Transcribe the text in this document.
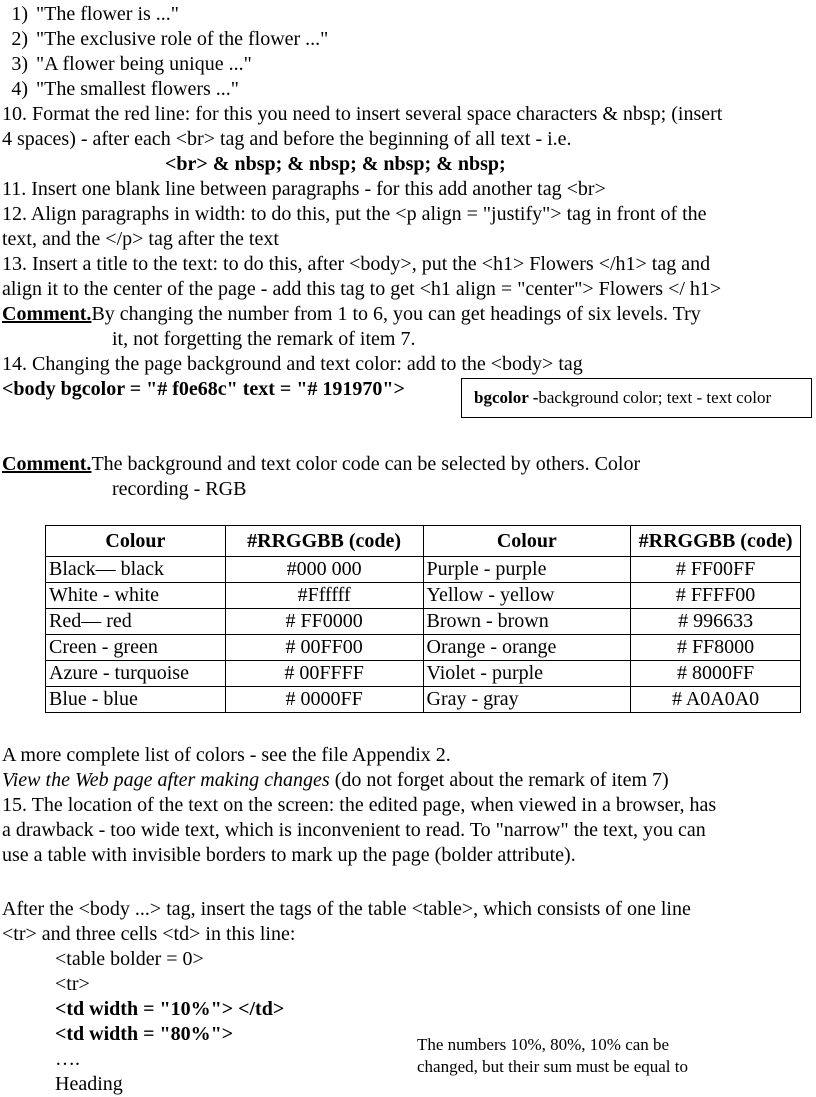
1) "The flower is ..."
2) "The exclusive role of the flower ..."
3) "A flower being unique ..."
4) "The smallest flowers ..."
10. Format the red line: for this you need to insert several space characters & nbsp; (insert
4 spaces) - after each <br> tag and before the beginning of all text - i.e.
<br> & nbsp; & nbsp; & nbsp; & nbsp;
11. Insert one blank line between paragraphs - for this add another tag <br>
12. Align paragraphs in width: to do this, put the <p align = "justify"> tag in front of the
text, and the </p> tag after the text
13. Insert a title to the text: to do this, after <body>, put the <h1> Flowers </h1> tag and
align it to the center of the page - add this tag to get <h1 align = "center"> Flowers </ h1>
Comment.By changing the number from 1 to 6, you can get headings of six levels. Try
it, not forgetting the remark of item 7.
14. Changing the page background and text color: add to the <body> tag
<body bgcolor = "# f0e68c" text = "# 191970">	bgcolor -background color; text - text color
Comment.The background and text color code can be selected by others. Color
recording - RGB
Colour	#RRGGBB (code)	Colour	#RRGGBB (code)
Black— black	#000 000	Purple - purple	# FF00FF
White - white	#Ffffff	Yellow - yellow	# FFFF00
Red— red	# FF0000	Brown - brown	# 996633
Creen - green	# 00FF00	Orange - orange	# FF8000
Azure - turquoise	# 00FFFF	Violet - purple	# 8000FF
Blue - blue	# 0000FF	Gray - gray	# A0A0A0
A more complete list of colors - see the file Appendix 2.
View the Web page after making changes (do not forget about the remark of item 7)
15. The location of the text on the screen: the edited page, when viewed in a browser, has
a drawback - too wide text, which is inconvenient to read. To "narrow" the text, you can
use a table with invisible borders to mark up the page (bolder attribute).
After the <body ...> tag, insert the tags of the table <table>, which consists of one line
<tr> and three cells <td> in this line:
<table bolder = 0>
<tr>
<td width = "10%"> </td>
<td width = "80%">
….
Heading
The numbers 10%, 80%, 10% can be
changed, but their sum must be equal to
